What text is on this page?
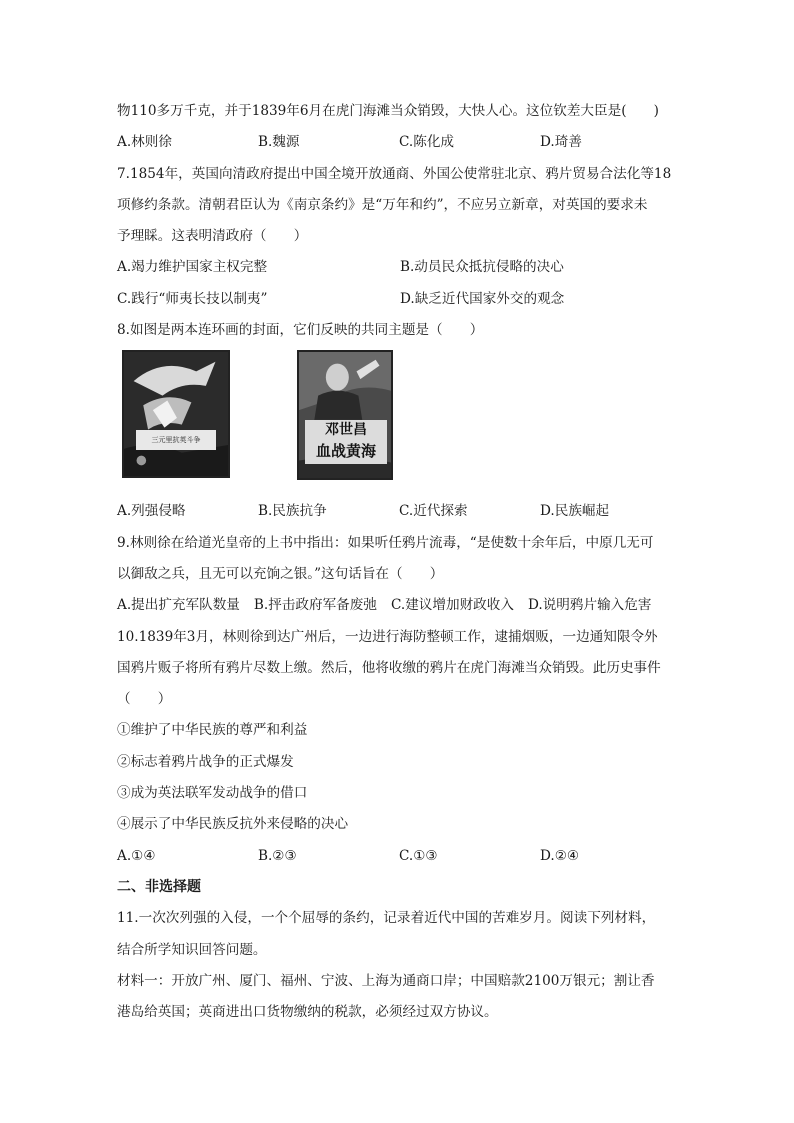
物110多万千克，并于1839年6月在虎门海滩当众销毁，大快人心。这位钦差大臣是(　　)
A.林则徐	B.魏源	C.陈化成	D.琦善
7.1854年，英国向清政府提出中国全境开放通商、外国公使常驻北京、鸦片贸易合法化等18
项修约条款。清朝君臣认为《南京条约》是“万年和约”，不应另立新章，对英国的要求未
予理睬。这表明清政府（　　）
A.竭力维护国家主权完整	B.动员民众抵抗侵略的决心
C.践行“师夷长技以制夷”	D.缺乏近代国家外交的观念
8.如图是两本连环画的封面，它们反映的共同主题是（　　）
三元里抗英斗争
邓世昌
血战黄海
A.列强侵略	B.民族抗争	C.近代探索	D.民族崛起
9.林则徐在给道光皇帝的上书中指出：如果听任鸦片流毒，“是使数十余年后，中原几无可
以御敌之兵，且无可以充饷之银。”这句话旨在（　　）
A.提出扩充军队数量 B.抨击政府军备废弛 C.建议增加财政收入 D.说明鸦片输入危害
10.1839年3月，林则徐到达广州后，一边进行海防整顿工作，逮捕烟贩，一边通知限令外
国鸦片贩子将所有鸦片尽数上缴。然后，他将收缴的鸦片在虎门海滩当众销毁。此历史事件
（　　）
①维护了中华民族的尊严和利益
②标志着鸦片战争的正式爆发
③成为英法联军发动战争的借口
④展示了中华民族反抗外来侵略的决心
A.①④	B.②③	C.①③	D.②④
二、非选择题
11.一次次列强的入侵，一个个屈辱的条约，记录着近代中国的苦难岁月。阅读下列材料，
结合所学知识回答问题。
材料一：开放广州、厦门、福州、宁波、上海为通商口岸；中国赔款2100万银元；割让香
港岛给英国；英商进出口货物缴纳的税款，必须经过双方协议。
